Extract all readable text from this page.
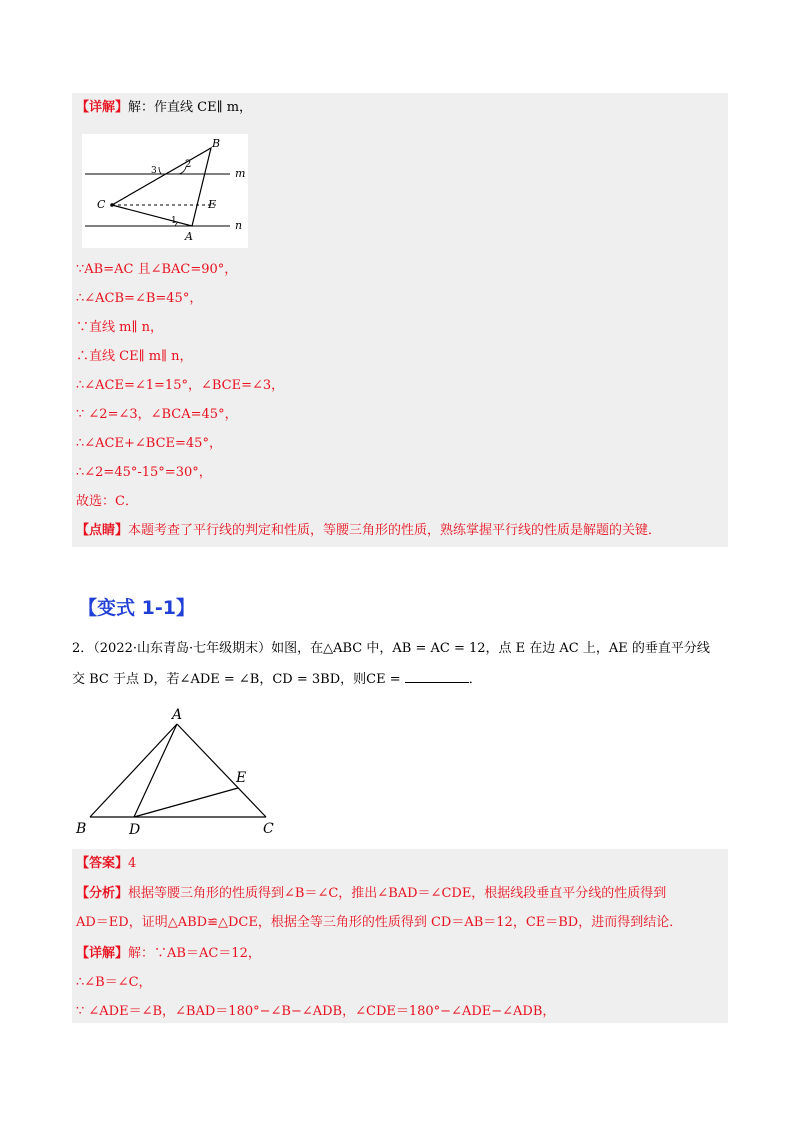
【详解】解：作直线 CE∥ m，
B
m
2
3
C	E
1
A
n
∵AB=AC 且∠BAC=90°，
∴∠ACB=∠B=45°，
∵直线 m∥ n，
∴直线 CE∥ m∥ n，
∴∠ACE=∠1=15°，∠BCE=∠3，
∵ ∠2=∠3，∠BCA=45°，
∴∠ACE+∠BCE=45°，
∴∠2=45°-15°=30°，
故选：C．
【点睛】本题考查了平行线的判定和性质，等腰三角形的性质，熟练掌握平行线的性质是解题的关键．
【变式 1-1】
2．（2022·山东青岛·七年级期末）如图，在△ABC 中，AB = AC = 12，点 E 在边 AC 上，AE 的垂直平分线
交 BC 于点 D，若∠ADE = ∠B，CD = 3BD，则CE =	．
A
E
B	D	C
【答案】4
【分析】根据等腰三角形的性质得到∠B＝∠C，推出∠BAD＝∠CDE，根据线段垂直平分线的性质得到
AD＝ED，证明△ABD≌△DCE，根据全等三角形的性质得到 CD＝AB＝12，CE＝BD，进而得到结论．
【详解】解：∵AB＝AC＝12，
∴∠B＝∠C，
∵ ∠ADE＝∠B，∠BAD＝180°−∠B−∠ADB，∠CDE＝180°−∠ADE−∠ADB，
